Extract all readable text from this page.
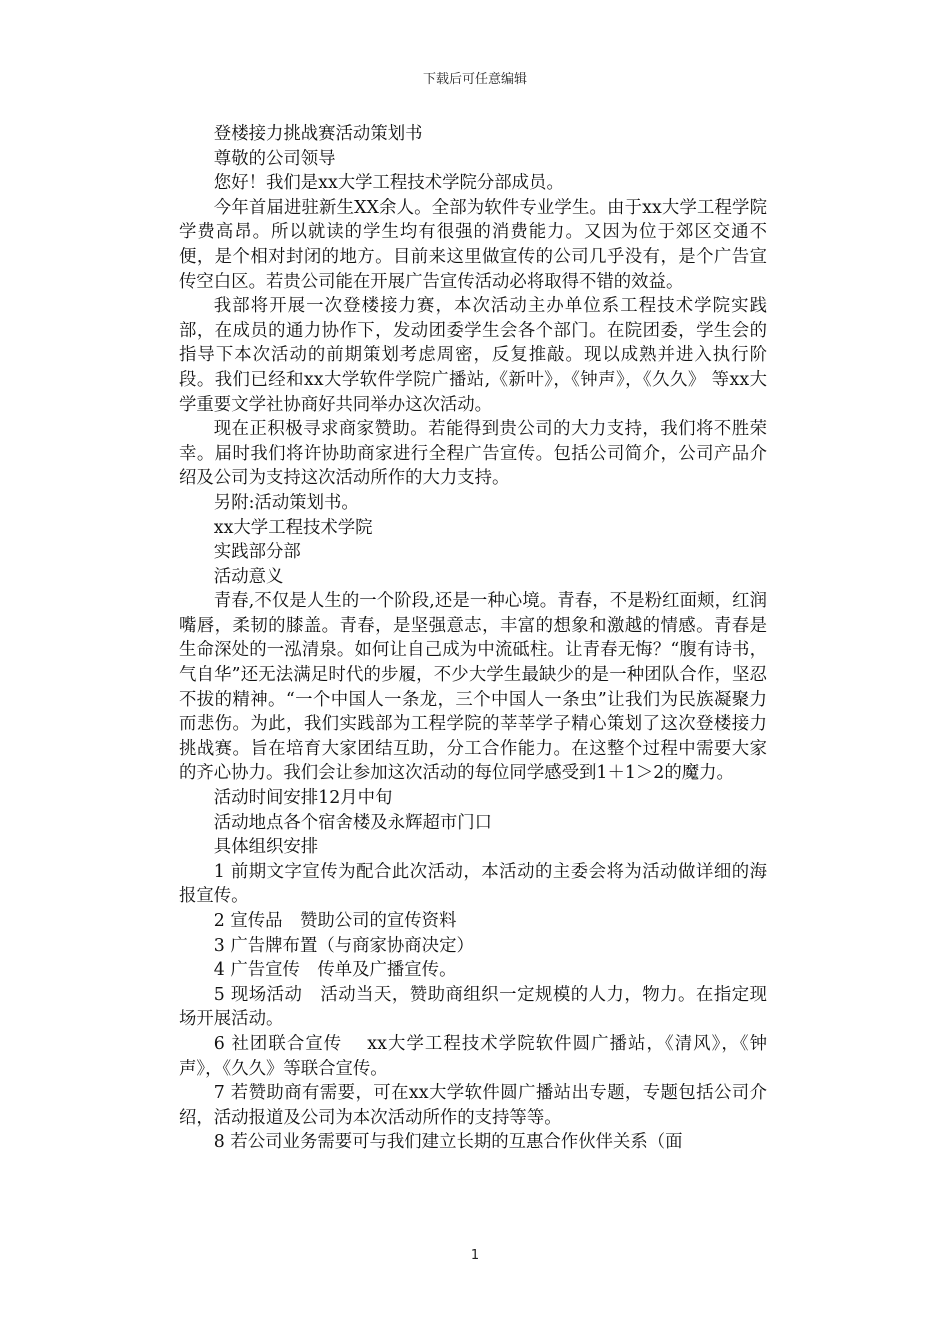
下载后可任意编辑

登楼接力挑战赛活动策划书

尊敬的公司领导

您好！我们是xx大学工程技术学院分部成员。

今年首届进驻新生XX余人。全部为软件专业学生。由于xx大学工程学院学费高昂。所以就读的学生均有很强的消费能力。又因为位于郊区交通不便，是个相对封闭的地方。目前来这里做宣传的公司几乎没有，是个广告宣传空白区。若贵公司能在开展广告宣传活动必将取得不错的效益。

我部将开展一次登楼接力赛，本次活动主办单位系工程技术学院实践部，在成员的通力协作下，发动团委学生会各个部门。在院团委，学生会的指导下本次活动的前期策划考虑周密，反复推敲。现以成熟并进入执行阶段。我们已经和xx大学软件学院广播站,《新叶》，《钟声》，《久久》 等xx大学重要文学社协商好共同举办这次活动。

现在正积极寻求商家赞助。若能得到贵公司的大力支持，我们将不胜荣幸。届时我们将许协助商家进行全程广告宣传。包括公司简介，公司产品介绍及公司为支持这次活动所作的大力支持。

另附:活动策划书。

xx大学工程技术学院

实践部分部

活动意义

青春,不仅是人生的一个阶段,还是一种心境。青春，不是粉红面颊，红润嘴唇，柔韧的膝盖。青春，是坚强意志，丰富的想象和激越的情感。青春是生命深处的一泓清泉。如何让自己成为中流砥柱。让青春无悔？“腹有诗书，气自华”还无法满足时代的步履，不少大学生最缺少的是一种团队合作，坚忍不拔的精神。“一个中国人一条龙，三个中国人一条虫”让我们为民族凝聚力而悲伤。为此，我们实践部为工程学院的莘莘学子精心策划了这次登楼接力挑战赛。旨在培育大家团结互助，分工合作能力。在这整个过程中需要大家的齐心协力。我们会让参加这次活动的每位同学感受到1＋1＞2的魔力。

活动时间安排12月中旬

活动地点各个宿舍楼及永辉超市门口

具体组织安排

1 前期文字宣传为配合此次活动，本活动的主委会将为活动做详细的海报宣传。

2 宣传品　赞助公司的宣传资料

3 广告牌布置（与商家协商决定）

4 广告宣传　传单及广播宣传。

5 现场活动　活动当天，赞助商组织一定规模的人力，物力。在指定现场开展活动。

6 社团联合宣传　 xx大学工程技术学院软件圆广播站，《清风》，《钟声》，《久久》等联合宣传。

7 若赞助商有需要，可在xx大学软件圆广播站出专题，专题包括公司介绍，活动报道及公司为本次活动所作的支持等等。

8 若公司业务需要可与我们建立长期的互惠合作伙伴关系（面

1
